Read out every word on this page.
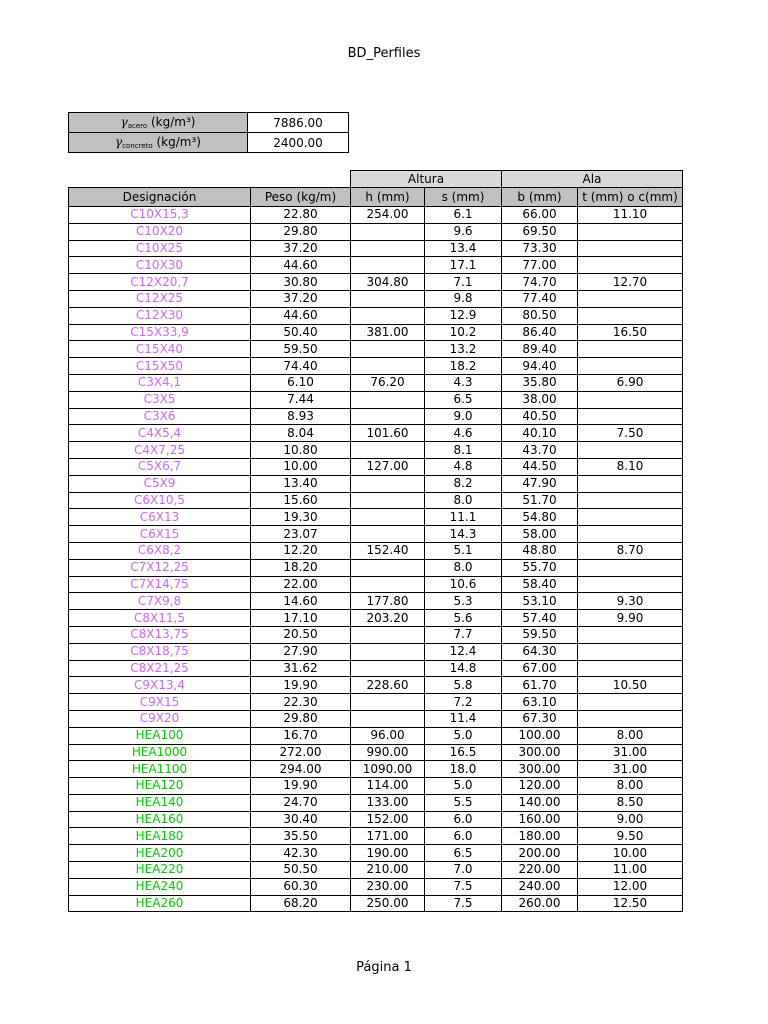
BD_Perfiles
γacero (kg/m³)	7886.00
γconcreto (kg/m³)	2400.00
		Altura		Ala	
Designación	Peso (kg/m)	h (mm)	s (mm)	b (mm)	t (mm) o c(mm)
C10X15,3	22.80	254.00	6.1	66.00	11.10
C10X20	29.80		9.6	69.50	
C10X25	37.20		13.4	73.30	
C10X30	44.60		17.1	77.00	
C12X20,7	30.80	304.80	7.1	74.70	12.70
C12X25	37.20		9.8	77.40	
C12X30	44.60		12.9	80.50	
C15X33,9	50.40	381.00	10.2	86.40	16.50
C15X40	59.50		13.2	89.40	
C15X50	74.40		18.2	94.40	
C3X4,1	6.10	76.20	4.3	35.80	6.90
C3X5	7.44		6.5	38.00	
C3X6	8.93		9.0	40.50	
C4X5,4	8.04	101.60	4.6	40.10	7.50
C4X7,25	10.80		8.1	43.70	
C5X6,7	10.00	127.00	4.8	44.50	8.10
C5X9	13.40		8.2	47.90	
C6X10,5	15.60		8.0	51.70	
C6X13	19.30		11.1	54.80	
C6X15	23.07		14.3	58.00	
C6X8,2	12.20	152.40	5.1	48.80	8.70
C7X12,25	18.20		8.0	55.70	
C7X14,75	22.00		10.6	58.40	
C7X9,8	14.60	177.80	5.3	53.10	9.30
C8X11,5	17.10	203.20	5.6	57.40	9.90
C8X13,75	20.50		7.7	59.50	
C8X18,75	27.90		12.4	64.30	
C8X21,25	31.62		14.8	67.00	
C9X13,4	19.90	228.60	5.8	61.70	10.50
C9X15	22.30		7.2	63.10	
C9X20	29.80		11.4	67.30	
HEA100	16.70	96.00	5.0	100.00	8.00
HEA1000	272.00	990.00	16.5	300.00	31.00
HEA1100	294.00	1090.00	18.0	300.00	31.00
HEA120	19.90	114.00	5.0	120.00	8.00
HEA140	24.70	133.00	5.5	140.00	8.50
HEA160	30.40	152.00	6.0	160.00	9.00
HEA180	35.50	171.00	6.0	180.00	9.50
HEA200	42.30	190.00	6.5	200.00	10.00
HEA220	50.50	210.00	7.0	220.00	11.00
HEA240	60.30	230.00	7.5	240.00	12.00
HEA260	68.20	250.00	7.5	260.00	12.50
Página 1
